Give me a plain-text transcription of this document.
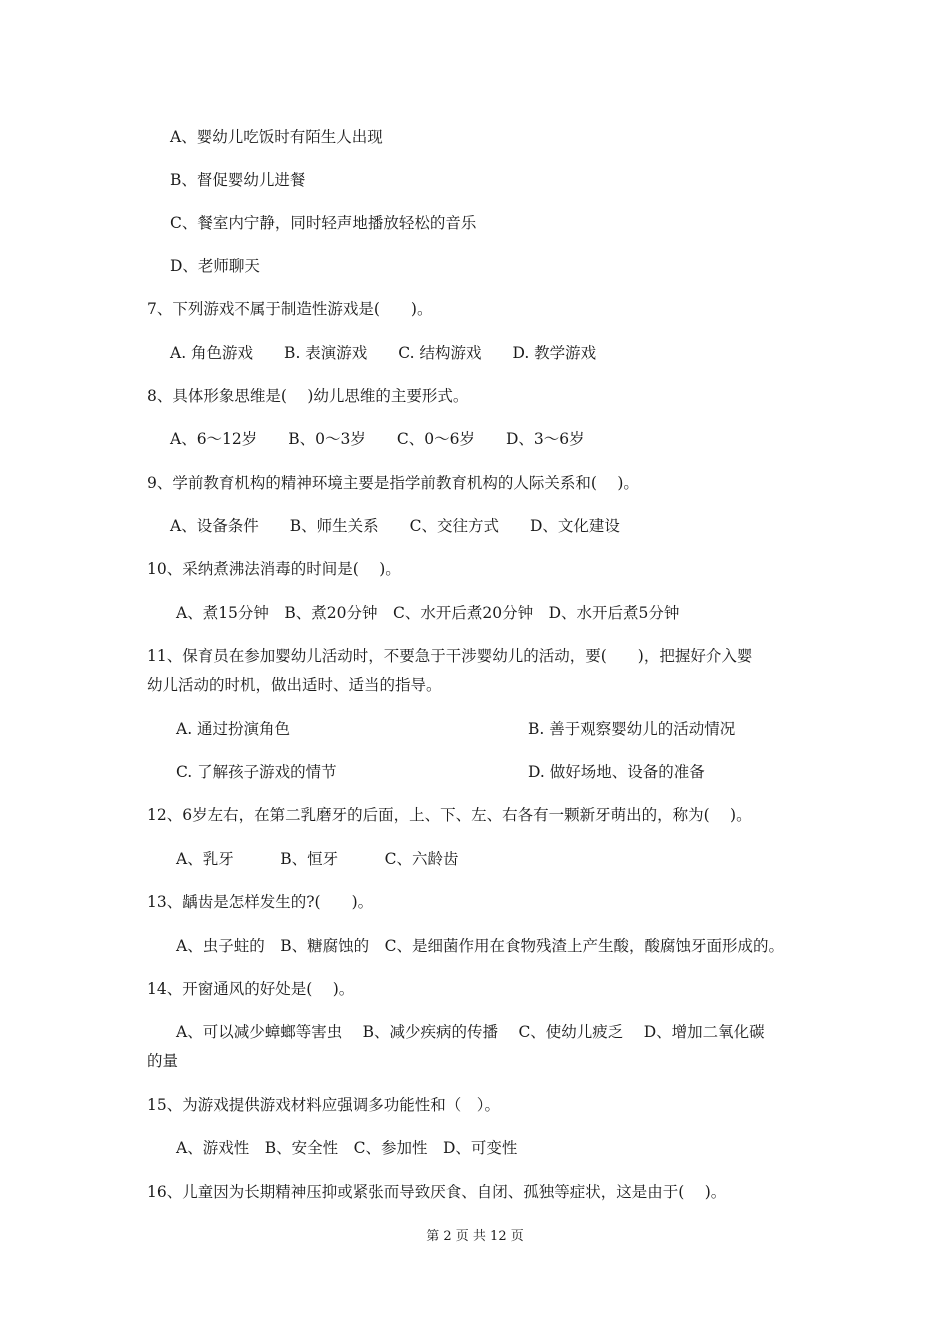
A、婴幼儿吃饭时有陌生人出现
B、督促婴幼儿进餐
C、餐室内宁静，同时轻声地播放轻松的音乐
D、老师聊天
7、下列游戏不属于制造性游戏是(　　)。
A. 角色游戏　　B. 表演游戏　　C. 结构游戏　　D. 教学游戏
8、具体形象思维是(　 )幼儿思维的主要形式。
A、6～12岁　　B、0～3岁　　C、0～6岁　　D、3～6岁
9、学前教育机构的精神环境主要是指学前教育机构的人际关系和(　 )。
A、设备条件　　B、师生关系　　C、交往方式　　D、文化建设
10、采纳煮沸法消毒的时间是(　 )。
A、煮15分钟　B、煮20分钟　C、水开后煮20分钟　D、水开后煮5分钟
11、保育员在参加婴幼儿活动时，不要急于干涉婴幼儿的活动，要(　　)，把握好介入婴
幼儿活动的时机，做出适时、适当的指导。
A. 通过扮演角色	B. 善于观察婴幼儿的活动情况
C. 了解孩子游戏的情节	D. 做好场地、设备的准备
12、6岁左右，在第二乳磨牙的后面，上、下、左、右各有一颗新牙萌出的，称为(　 )。
A、乳牙　　　B、恒牙　　　C、六龄齿
13、龋齿是怎样发生的?(　　)。
A、虫子蛀的　B、糖腐蚀的　C、是细菌作用在食物残渣上产生酸，酸腐蚀牙面形成的。
14、开窗通风的好处是(　 )。
A、可以减少蟑螂等害虫　 B、减少疾病的传播　 C、使幼儿疲乏　 D、增加二氧化碳
的量
15、为游戏提供游戏材料应强调多功能性和（　）。
A、游戏性　B、安全性　C、参加性　D、可变性
16、儿童因为长期精神压抑或紧张而导致厌食、自闭、孤独等症状，这是由于(　 )。
第 2 页 共 12 页
